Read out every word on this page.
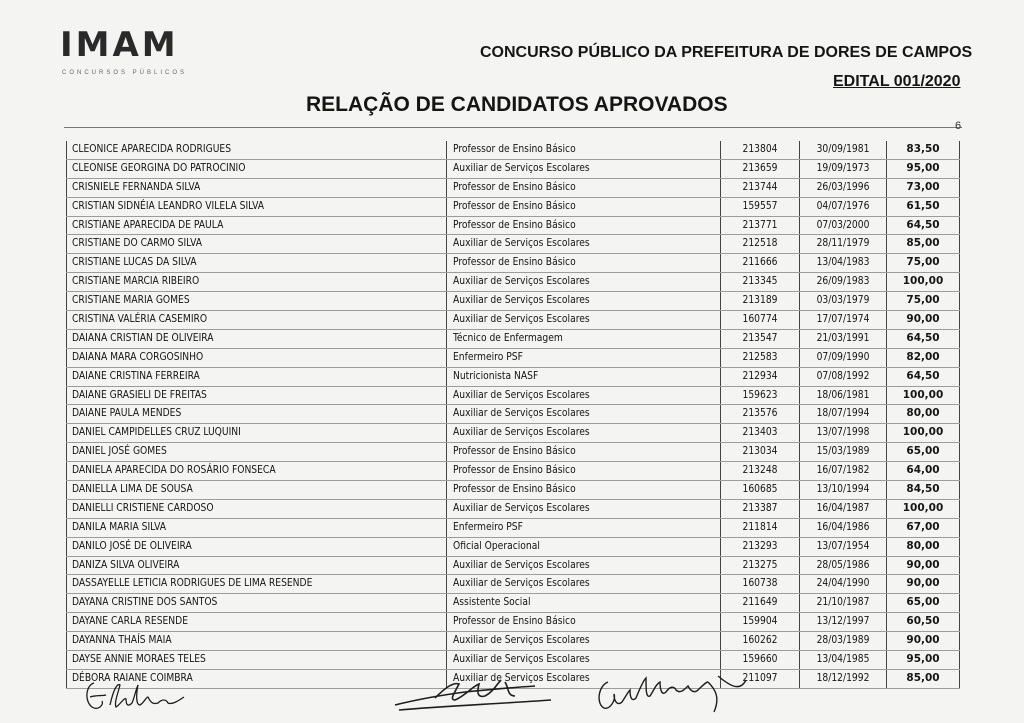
IMAM
CONCURSOS PÚBLICOS
CONCURSO PÚBLICO DA PREFEITURA DE DORES DE CAMPOS
EDITAL 001/2020
RELAÇÃO DE CANDIDATOS APROVADOS
6
CLEONICE APARECIDA RODRIGUES	Professor de Ensino Básico	213804	30/09/1981	83,50
CLEONISE GEORGINA DO PATROCINIO	Auxiliar de Serviços Escolares	213659	19/09/1973	95,00
CRISNIELE FERNANDA SILVA	Professor de Ensino Básico	213744	26/03/1996	73,00
CRISTIAN SIDNÉIA LEANDRO VILELA SILVA	Professor de Ensino Básico	159557	04/07/1976	61,50
CRISTIANE APARECIDA DE PAULA	Professor de Ensino Básico	213771	07/03/2000	64,50
CRISTIANE DO CARMO SILVA	Auxiliar de Serviços Escolares	212518	28/11/1979	85,00
CRISTIANE LUCAS DA SILVA	Professor de Ensino Básico	211666	13/04/1983	75,00
CRISTIANE MARCIA RIBEIRO	Auxiliar de Serviços Escolares	213345	26/09/1983	100,00
CRISTIANE MARIA GOMES	Auxiliar de Serviços Escolares	213189	03/03/1979	75,00
CRISTINA VALÉRIA CASEMIRO	Auxiliar de Serviços Escolares	160774	17/07/1974	90,00
DAIANA CRISTIAN DE OLIVEIRA	Técnico de Enfermagem	213547	21/03/1991	64,50
DAIANA MARA CORGOSINHO	Enfermeiro PSF	212583	07/09/1990	82,00
DAIANE CRISTINA FERREIRA	Nutricionista NASF	212934	07/08/1992	64,50
DAIANE GRASIELI DE FREITAS	Auxiliar de Serviços Escolares	159623	18/06/1981	100,00
DAIANE PAULA MENDES	Auxiliar de Serviços Escolares	213576	18/07/1994	80,00
DANIEL CAMPIDELLES CRUZ LUQUINI	Auxiliar de Serviços Escolares	213403	13/07/1998	100,00
DANIEL JOSÉ GOMES	Professor de Ensino Básico	213034	15/03/1989	65,00
DANIELA APARECIDA DO ROSÁRIO FONSECA	Professor de Ensino Básico	213248	16/07/1982	64,00
DANIELLA LIMA DE SOUSA	Professor de Ensino Básico	160685	13/10/1994	84,50
DANIELLI CRISTIENE CARDOSO	Auxiliar de Serviços Escolares	213387	16/04/1987	100,00
DANILA MARIA SILVA	Enfermeiro PSF	211814	16/04/1986	67,00
DANILO JOSÉ DE OLIVEIRA	Oficial Operacional	213293	13/07/1954	80,00
DANIZA SILVA OLIVEIRA	Auxiliar de Serviços Escolares	213275	28/05/1986	90,00
DASSAYELLE LETICIA RODRIGUES DE LIMA RESENDE	Auxiliar de Serviços Escolares	160738	24/04/1990	90,00
DAYANA CRISTINE DOS SANTOS	Assistente Social	211649	21/10/1987	65,00
DAYANE CARLA RESENDE	Professor de Ensino Básico	159904	13/12/1997	60,50
DAYANNA THAÍS MAIA	Auxiliar de Serviços Escolares	160262	28/03/1989	90,00
DAYSE ANNIE MORAES TELES	Auxiliar de Serviços Escolares	159660	13/04/1985	95,00
DÉBORA RAIANE COIMBRA	Auxiliar de Serviços Escolares	211097	18/12/1992	85,00
